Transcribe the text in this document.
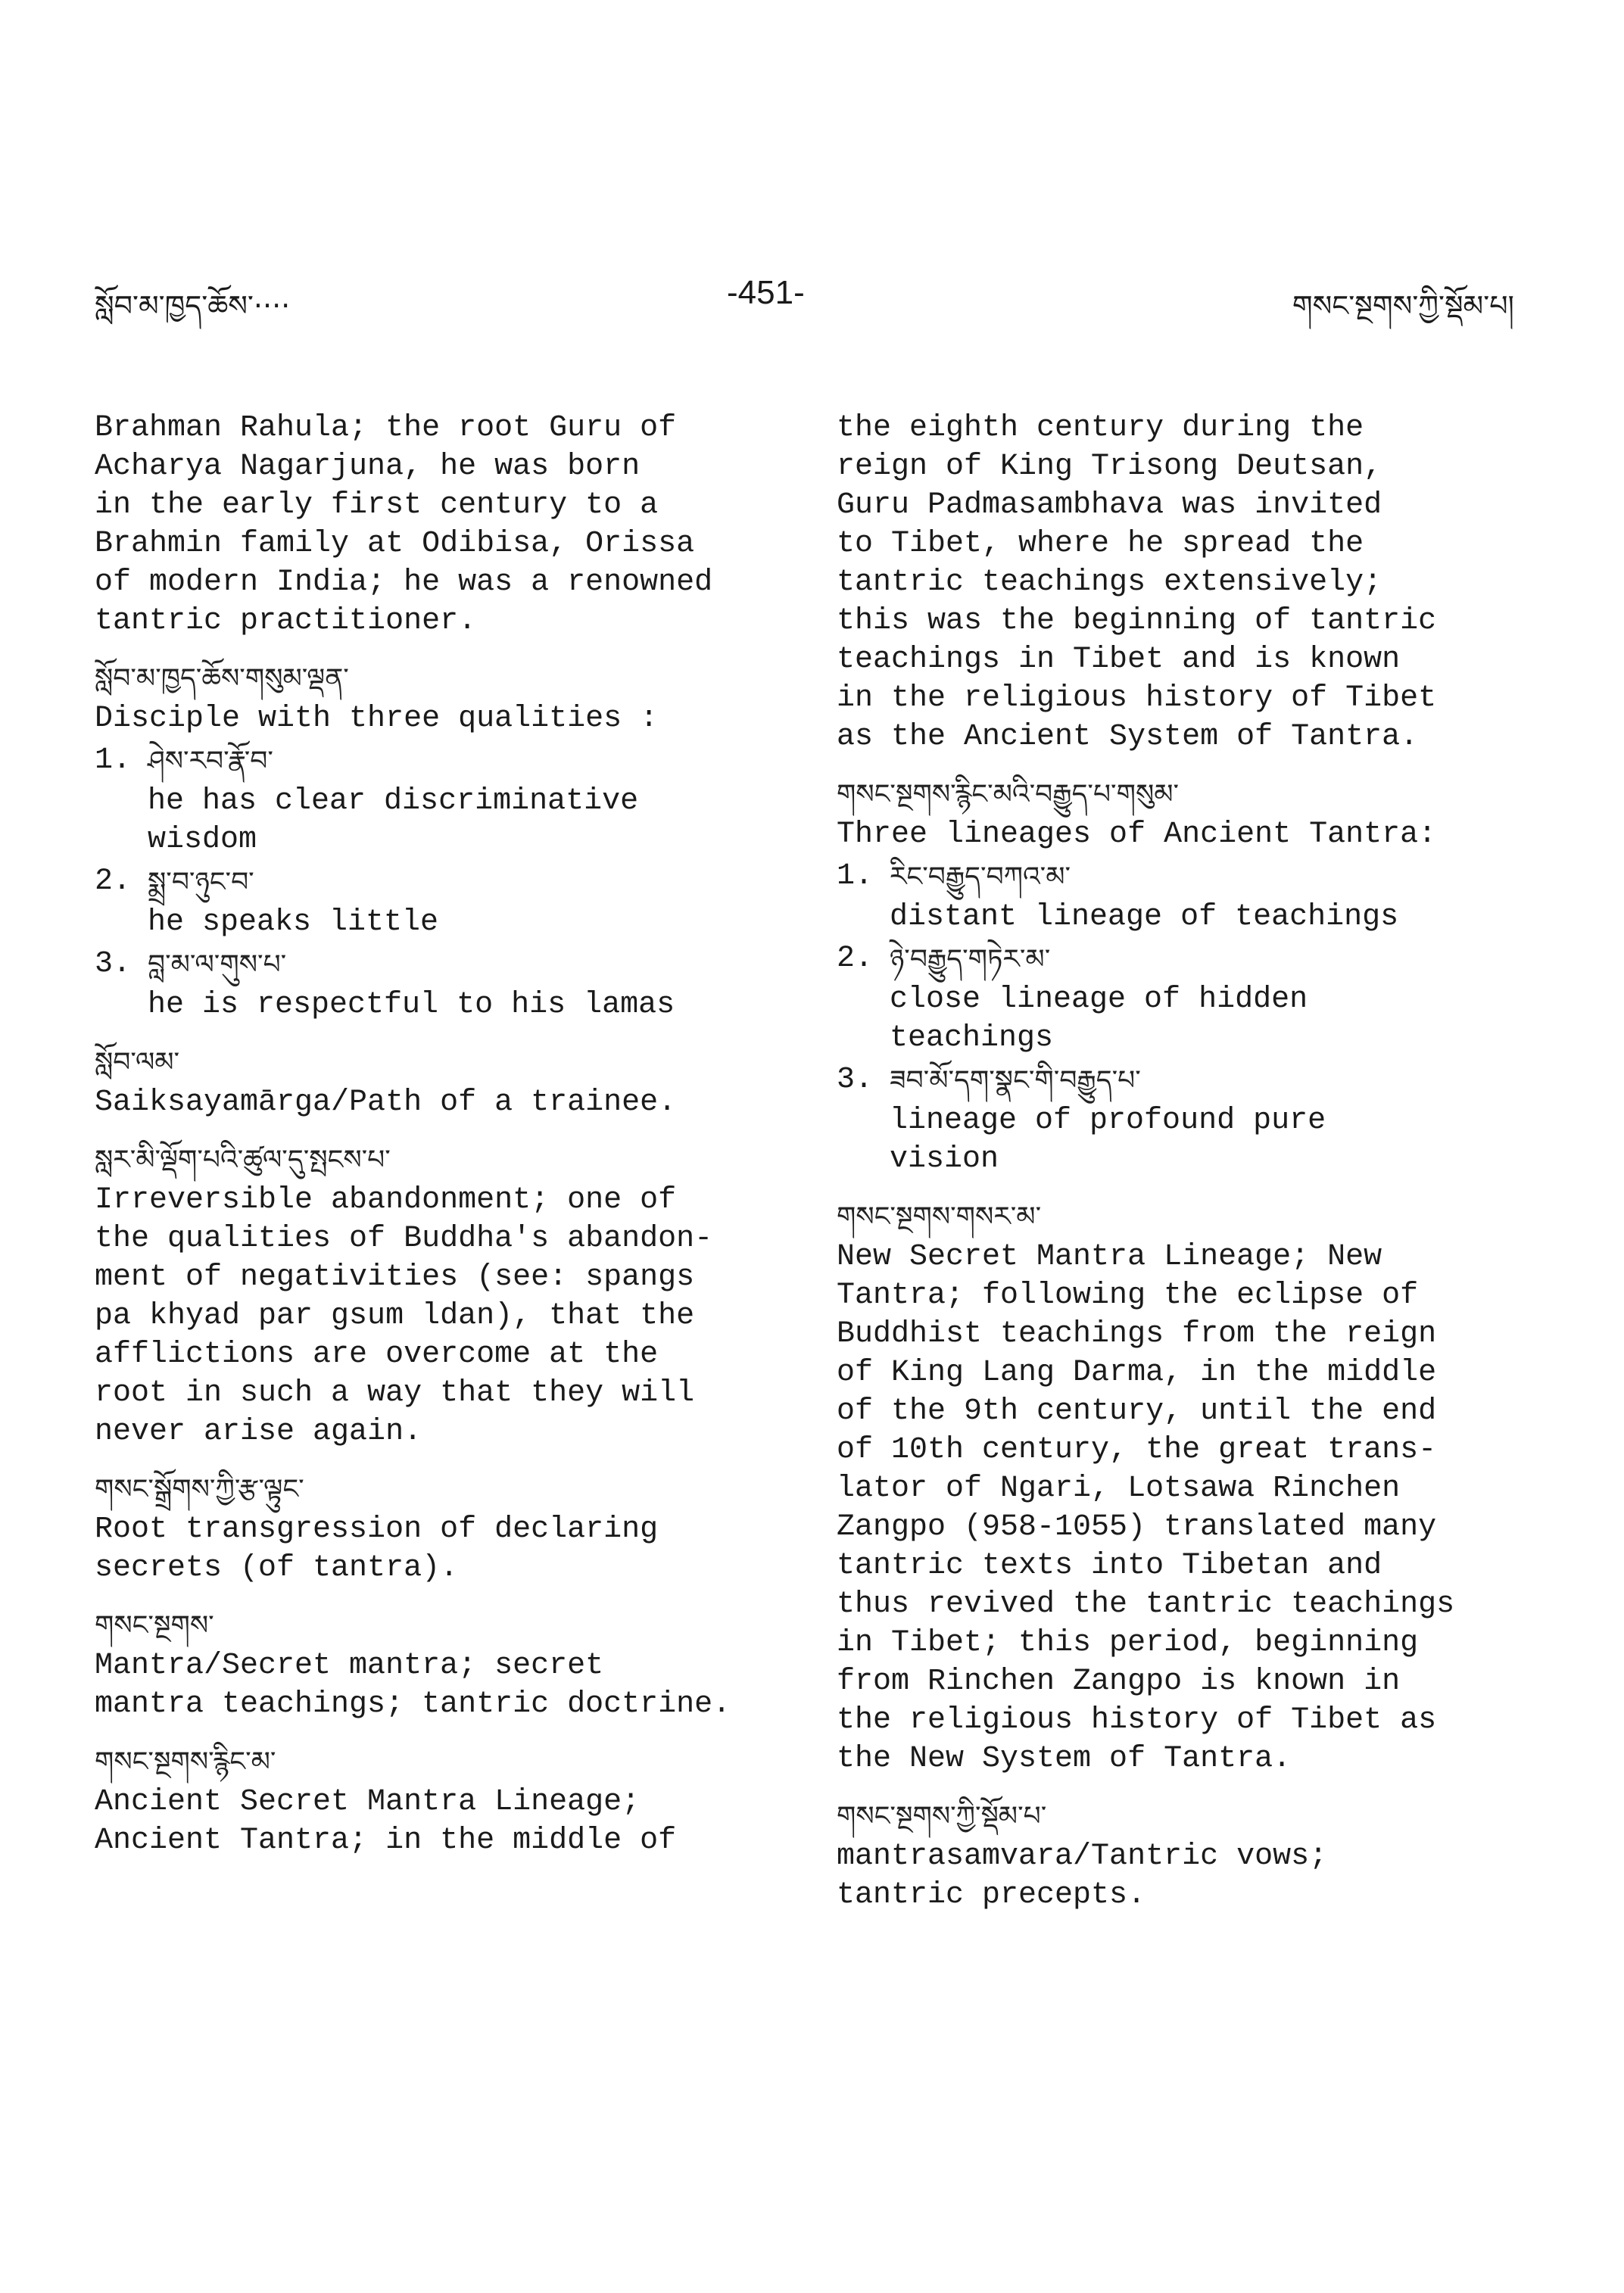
སློབ་མ་ཁྱད་ཆོས་····	-451-	གསང་སྔགས་ཀྱི་སྡོམ་པ།
Brahman Rahula; the root Guru of
Acharya Nagarjuna, he was born
in the early first century to a
Brahmin family at Odibisa, Orissa
of modern India; he was a renowned
tantric practitioner.
སློབ་མ་ཁྱད་ཆོས་གསུམ་ལྡན་
Disciple with three qualities :
1. ཤེས་རབ་རྣོ་བ་
he has clear discriminative
wisdom
2. སྨྲ་བ་ཉུང་བ་
he speaks little
3. བླ་མ་ལ་གུས་པ་
he is respectful to his lamas
སློབ་ལམ་
Saiksayamārga/Path of a trainee.
སླར་མི་ལྡོག་པའི་ཚུལ་དུ་སྤངས་པ་
Irreversible abandonment; one of
the qualities of Buddha's abandon-
ment of negativities (see: spangs
pa khyad par gsum ldan), that the
afflictions are overcome at the
root in such a way that they will
never arise again.
གསང་སྒྲོགས་ཀྱི་རྩ་ལྟུང་
Root transgression of declaring
secrets (of tantra).
གསང་སྔགས་
Mantra/Secret mantra; secret
mantra teachings; tantric doctrine.
གསང་སྔགས་རྙིང་མ་
Ancient Secret Mantra Lineage;
Ancient Tantra; in the middle of
the eighth century during the
reign of King Trisong Deutsan,
Guru Padmasambhava was invited
to Tibet, where he spread the
tantric teachings extensively;
this was the beginning of tantric
teachings in Tibet and is known
in the religious history of Tibet
as the Ancient System of Tantra.
གསང་སྔགས་རྙིང་མའི་བརྒྱུད་པ་གསུམ་
Three lineages of Ancient Tantra:
1. རིང་བརྒྱུད་བཀའ་མ་
distant lineage of teachings
2. ཉེ་བརྒྱུད་གཏེར་མ་
close lineage of hidden
teachings
3. ཟབ་མོ་དག་སྣང་གི་བརྒྱུད་པ་
lineage of profound pure
vision
གསང་སྔགས་གསར་མ་
New Secret Mantra Lineage; New
Tantra; following the eclipse of
Buddhist teachings from the reign
of King Lang Darma, in the middle
of the 9th century, until the end
of 10th century, the great trans-
lator of Ngari, Lotsawa Rinchen
Zangpo (958-1055) translated many
tantric texts into Tibetan and
thus revived the tantric teachings
in Tibet; this period, beginning
from Rinchen Zangpo is known in
the religious history of Tibet as
the New System of Tantra.
གསང་སྔགས་ཀྱི་སྡོམ་པ་
mantrasamvara/Tantric vows;
tantric precepts.
